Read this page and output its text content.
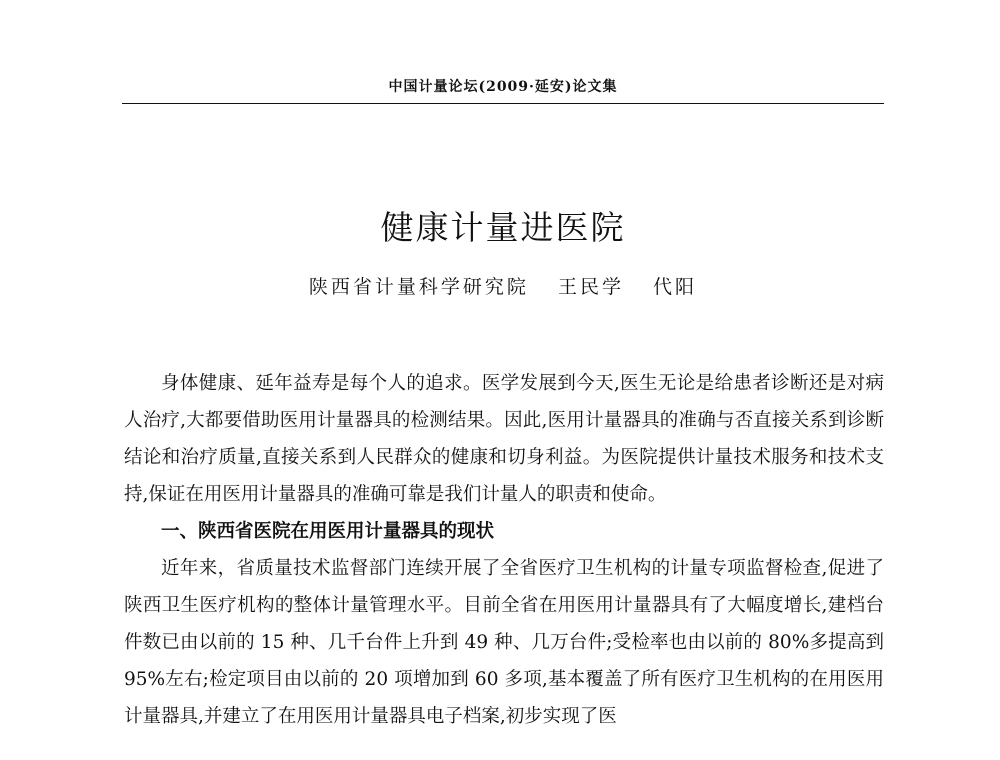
中国计量论坛(2009·延安)论文集
健康计量进医院
陕西省计量科学研究院 王民学 代阳

身体健康、延年益寿是每个人的追求。医学发展到今天,医生无论是给患者诊断还是对病人治疗,大都要借助医用计量器具的检测结果。因此,医用计量器具的准确与否直接关系到诊断结论和治疗质量,直接关系到人民群众的健康和切身利益。为医院提供计量技术服务和技术支持,保证在用医用计量器具的准确可靠是我们计量人的职责和使命。

一、陕西省医院在用医用计量器具的现状

近年来，省质量技术监督部门连续开展了全省医疗卫生机构的计量专项监督检查,促进了陕西卫生医疗机构的整体计量管理水平。目前全省在用医用计量器具有了大幅度增长,建档台件数已由以前的 15 种、几千台件上升到 49 种、几万台件;受检率也由以前的 80%多提高到 95%左右;检定项目由以前的 20 项增加到 60 多项,基本覆盖了所有医疗卫生机构的在用医用计量器具,并建立了在用医用计量器具电子档案,初步实现了医
